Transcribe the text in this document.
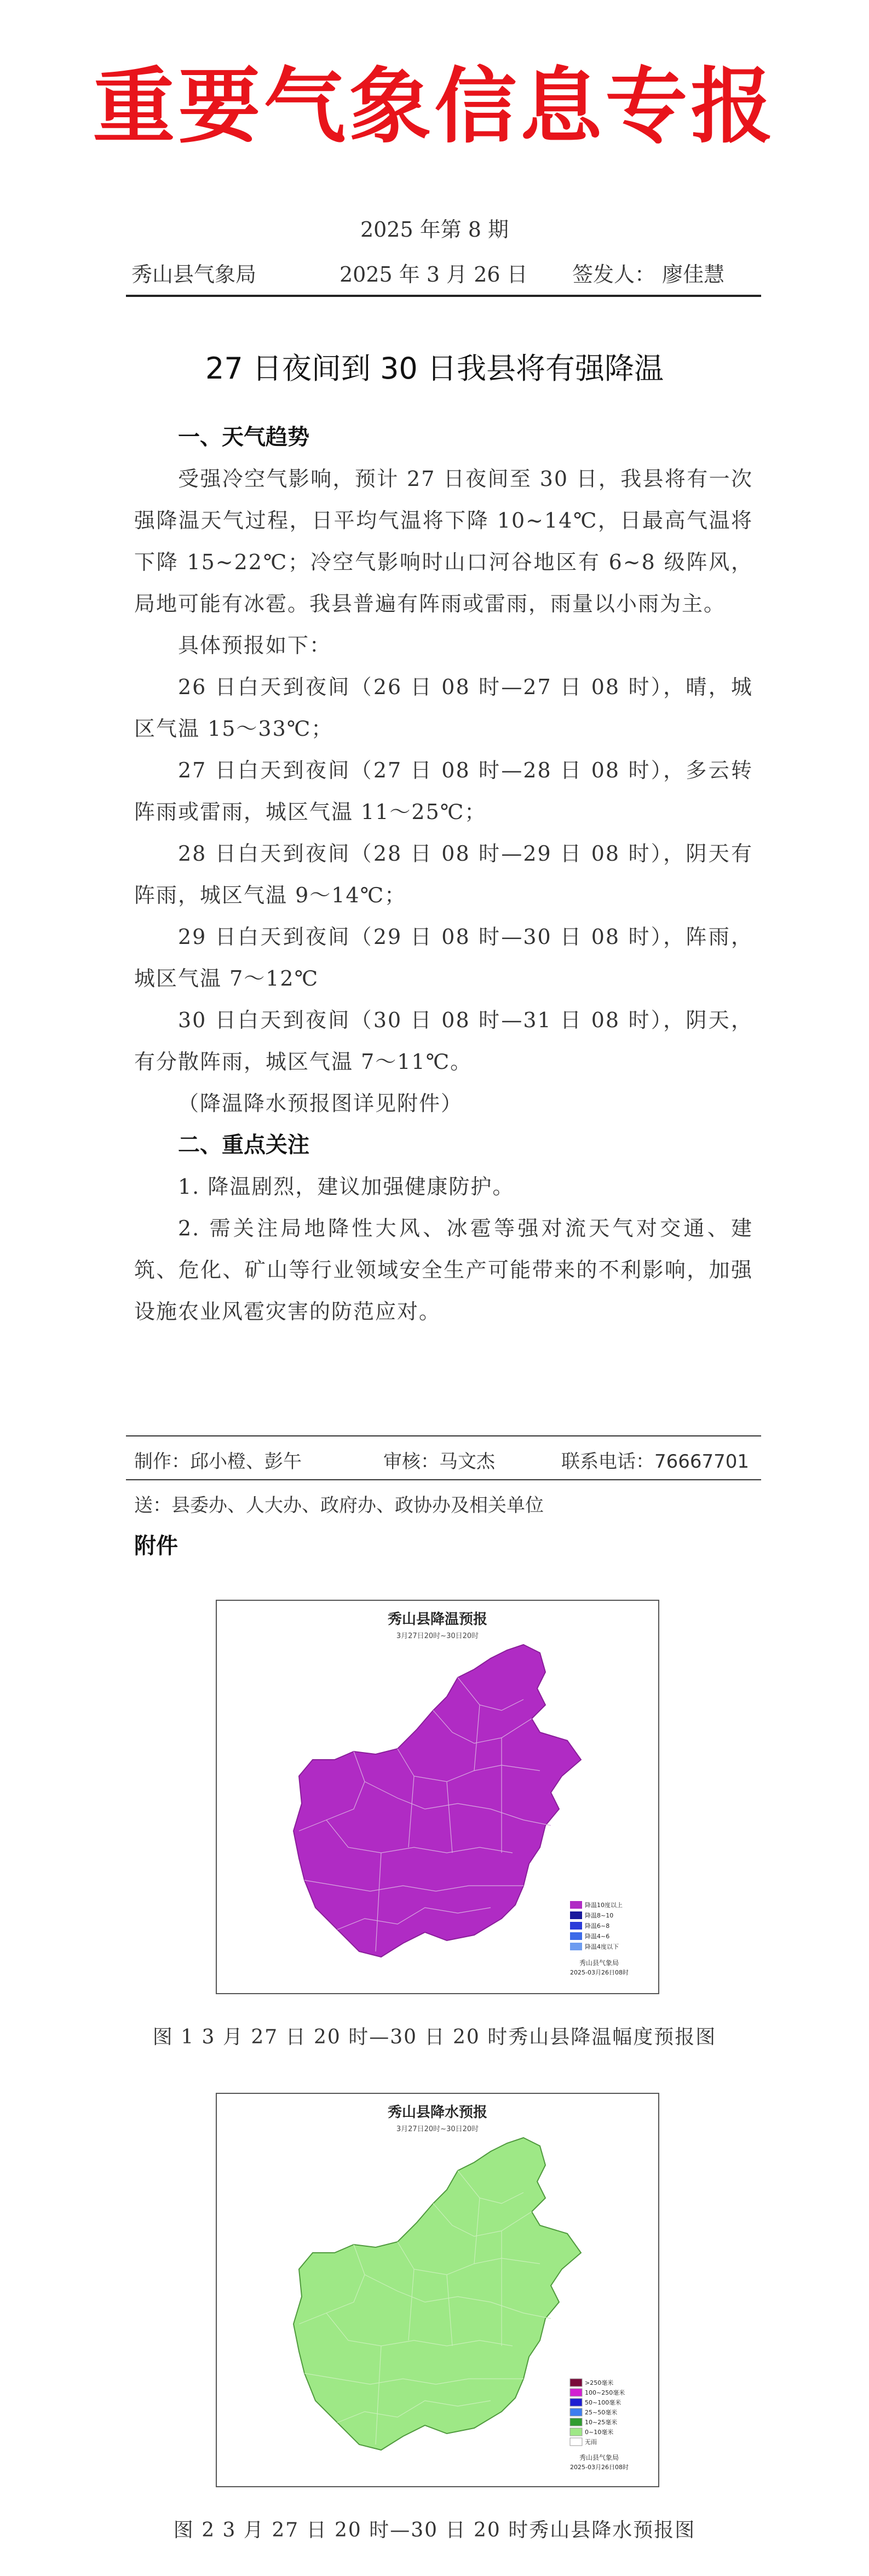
重要气象信息专报
2025 年第 8 期
秀山县气象局	2025 年 3 月 26 日 签发人： 廖佳慧
27 日夜间到 30 日我县将有强降温
一、天气趋势

受强冷空气影响，预计 27 日夜间至 30 日，我县将有一次强降温天气过程，日平均气温将下降 10~14℃，日最高气温将下降 15~22℃；冷空气影响时山口河谷地区有 6~8 级阵风，局地可能有冰雹。我县普遍有阵雨或雷雨，雨量以小雨为主。

具体预报如下：

26 日白天到夜间（26 日 08 时—27 日 08 时），晴，城区气温 15～33℃；

27 日白天到夜间（27 日 08 时—28 日 08 时），多云转阵雨或雷雨，城区气温 11～25℃；

28 日白天到夜间（28 日 08 时—29 日 08 时），阴天有阵雨，城区气温 9～14℃；

29 日白天到夜间（29 日 08 时—30 日 08 时），阵雨，城区气温 7～12℃

30 日白天到夜间（30 日 08 时—31 日 08 时），阴天，有分散阵雨，城区气温 7～11℃。

（降温降水预报图详见附件）

二、重点关注

1. 降温剧烈，建议加强健康防护。

2. 需关注局地降性大风、冰雹等强对流天气对交通、建筑、危化、矿山等行业领域安全生产可能带来的不利影响，加强设施农业风雹灾害的防范应对。

制作：邱小橙、彭午	审核：马文杰	联系电话：76667701
送：县委办、人大办、政府办、政协办及相关单位
附件
秀山县降温预报
3月27日20时~30日20时
降温10度以上
降温8~10
降温6~8
降温4~6
降温4度以下
秀山县气象局
2025-03月26日08时
图 1 3 月 27 日 20 时—30 日 20 时秀山县降温幅度预报图
秀山县降水预报
3月27日20时~30日20时
>250毫米
100~250毫米
50~100毫米
25~50毫米
10~25毫米
0~10毫米
无雨
秀山县气象局
2025-03月26日08时
图 2 3 月 27 日 20 时—30 日 20 时秀山县降水预报图
